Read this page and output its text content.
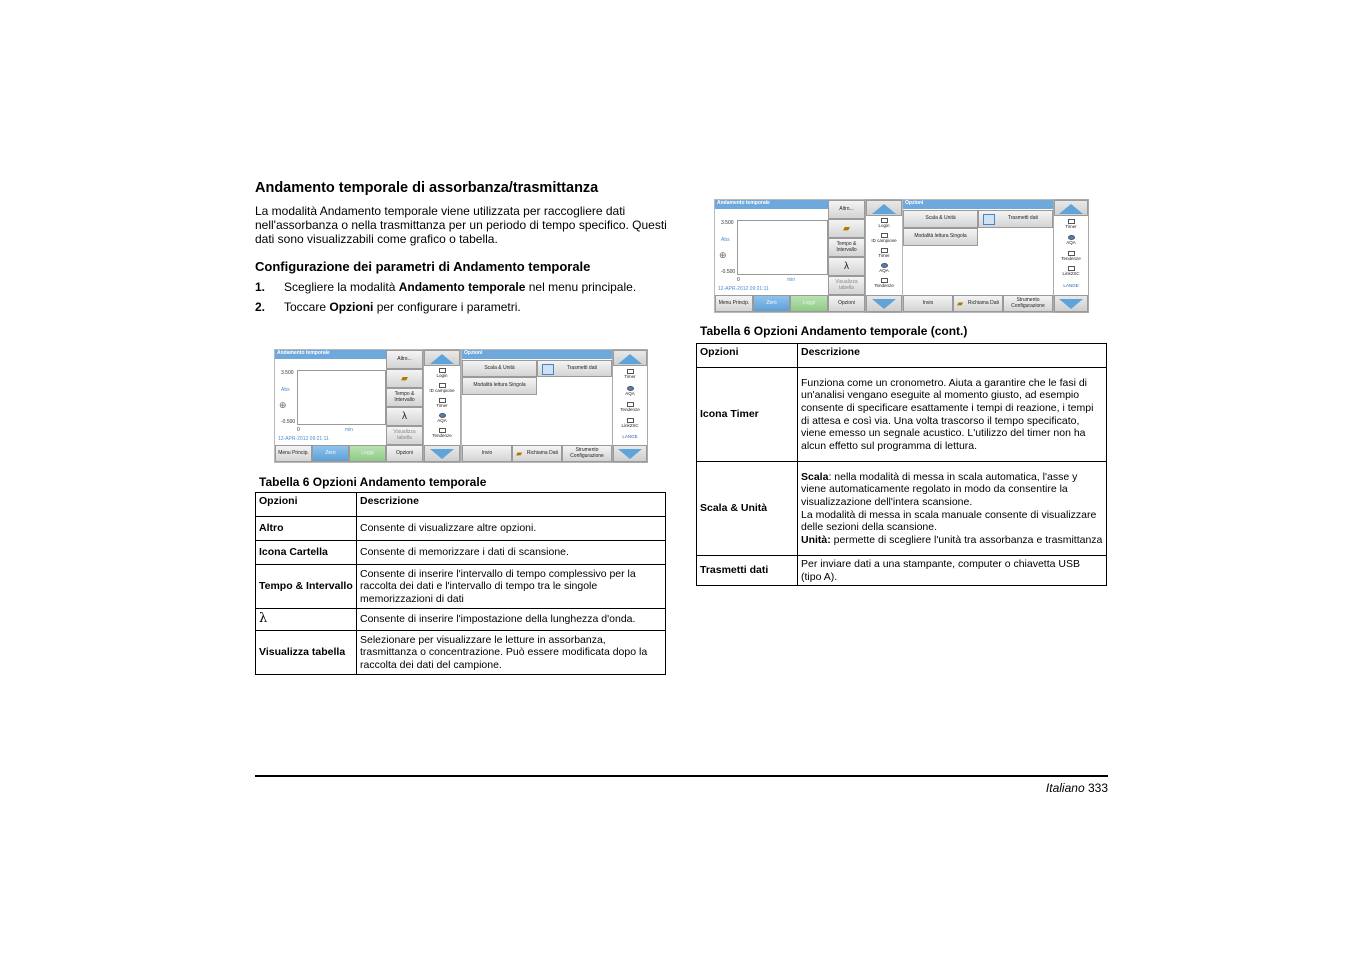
Andamento temporale di assorbanza/trasmittanza

La modalità Andamento temporale viene utilizzata per raccogliere dati nell'assorbanza o nella trasmittanza per un periodo di tempo specifico. Questi dati sono visualizzabili come grafico o tabella.

Configurazione dei parametri di Andamento temporale
1. Scegliere la modalità Andamento temporale nel menu principale.
2. Toccare Opzioni per configurare i parametri.
Andamento temporale
3.500
Abs
⊕
-0.500
0	min
12-APR-2012 09:21:11
Altro...
▰
Tempo & Intervallo
λ
Visualizza tabella
Menu Princip.	Zero	Leggi	Opzioni
Login
ID campione
Timer
AQA
Tendenze
Opzioni
Scala & Unità	Trasmetti dati
Modalità lettura Singola
Invio	▰ Richiama Dati	Strumento Configurazione
Timer
AQA
Tendenze
Link2SC
LANGE
Tabella 6 Opzioni Andamento temporale
Opzioni	Descrizione
Altro	Consente di visualizzare altre opzioni.
Icona Cartella	Consente di memorizzare i dati di scansione.
Tempo & Intervallo	Consente di inserire l'intervallo di tempo complessivo per la raccolta dei dati e l'intervallo di tempo tra le singole memorizzazioni di dati
λ	Consente di inserire l'impostazione della lunghezza d'onda.
Visualizza tabella	Selezionare per visualizzare le letture in assorbanza, trasmittanza o concentrazione. Può essere modificata dopo la raccolta dei dati del campione.
Andamento temporale
3.500
Abs
⊕
-0.500
0	min
12-APR-2012 09:21:11
Altro...
▰
Tempo & Intervallo
λ
Visualizza tabella
Menu Princip.	Zero	Leggi	Opzioni
Login
ID campione
Timer
AQA
Tendenze
Opzioni
Scala & Unità	Trasmetti dati
Modalità lettura Singola
Invio	▰ Richiama Dati	Strumento Configurazione
Timer
AQA
Tendenze
Link2SC
LANGE
Tabella 6 Opzioni Andamento temporale (cont.)
Opzioni	Descrizione
Icona Timer	Funziona come un cronometro. Aiuta a garantire che le fasi di un'analisi vengano eseguite al momento giusto, ad esempio consente di specificare esattamente i tempi di reazione, i tempi di attesa e così via. Una volta trascorso il tempo specificato, viene emesso un segnale acustico. L'utilizzo del timer non ha alcun effetto sul programma di lettura.
Scala & Unità	Scala: nella modalità di messa in scala automatica, l'asse y viene automaticamente regolato in modo da consentire la visualizzazione dell'intera scansione.
La modalità di messa in scala manuale consente di visualizzare delle sezioni della scansione.
Unità: permette di scegliere l'unità tra assorbanza e trasmittanza
Trasmetti dati	Per inviare dati a una stampante, computer o chiavetta USB (tipo A).
Italiano 333
